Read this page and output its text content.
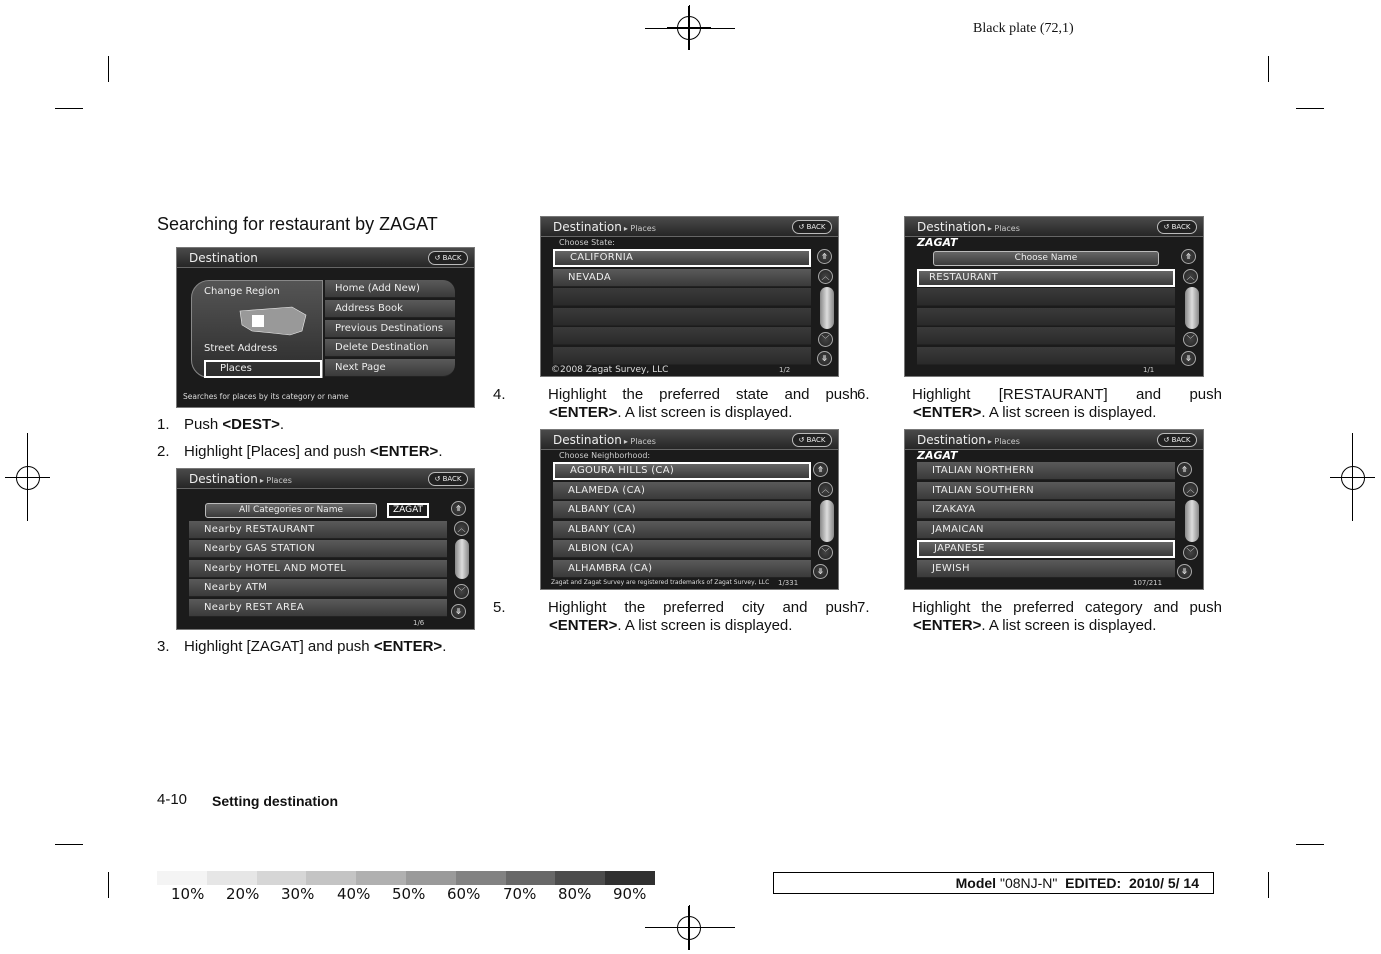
Black plate (72,1)
Searching for restaurant by ZAGAT
Destination	↺ BACK
Change Region
Street Address
Places
Home (Add New)
Address Book
Previous Destinations
Delete Destination
Next Page
Searches for places by its category or name
1. Push <DEST>.
2. Highlight [Places] and push <ENTER>.
Destination ▸ Places	↺ BACK
All Categories or Name	ZAGAT
Nearby RESTAURANT
Nearby GAS STATION
Nearby HOTEL AND MOTEL
Nearby ATM
Nearby REST AREA
⤊
︿
﹀
⤋
1/6
3. Highlight [ZAGAT] and push <ENTER>.
Destination ▸ Places	↺ BACK
Choose State:
CALIFORNIA
NEVADA
⤊
︿
﹀
⤋
©2008 Zagat Survey, LLC	1/2
4.	Highlight the preferred state and push <ENTER>. A list screen is displayed.
Destination ▸ Places	↺ BACK
Choose Neighborhood:
AGOURA HILLS (CA)
ALAMEDA (CA)
ALBANY (CA)
ALBANY (CA)
ALBION (CA)
ALHAMBRA (CA)
⤊
︿
﹀
⤋
Zagat and Zagat Survey are registered trademarks of Zagat Survey, LLC 1/331
5.	Highlight the preferred city and push <ENTER>. A list screen is displayed.
Destination ▸ Places	↺ BACK
ZAGAT
Choose Name
RESTAURANT
⤊
︿
﹀
⤋
1/1
6.	Highlight [RESTAURANT] and push <ENTER>. A list screen is displayed.
Destination ▸ Places	↺ BACK
ZAGAT
ITALIAN NORTHERN
ITALIAN SOUTHERN
IZAKAYA
JAMAICAN
JAPANESE
JEWISH
⤊
︿
﹀
⤋
107/211
7.	Highlight the preferred category and push <ENTER>. A list screen is displayed.
4-10 Setting destination
10% 20% 30% 40% 50% 60% 70% 80% 90%
Model "08NJ-N" EDITED: 2010/ 5/ 14
